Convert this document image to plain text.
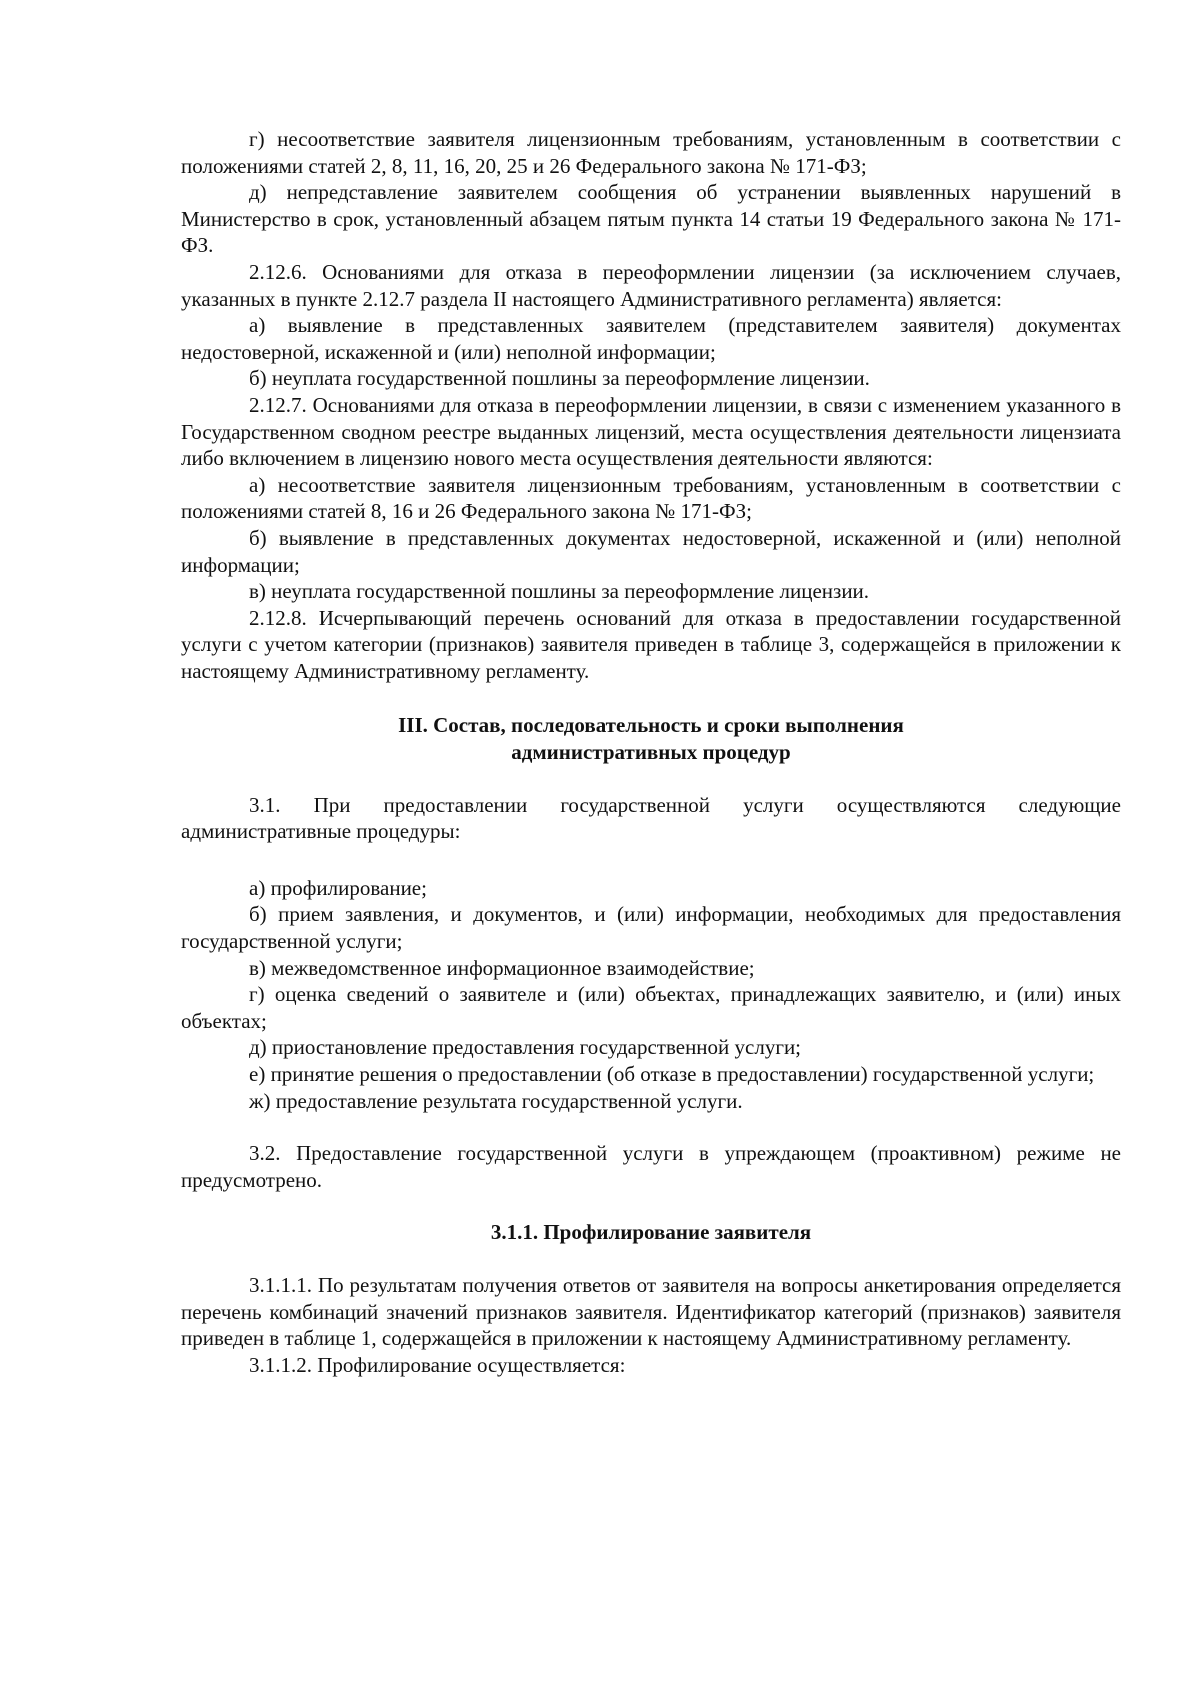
г) несоответствие заявителя лицензионным требованиям, установленным в соответствии с положениями статей 2, 8, 11, 16, 20, 25 и 26 Федерального закона № 171-ФЗ;

д) непредставление заявителем сообщения об устранении выявленных нарушений в Министерство в срок, установленный абзацем пятым пункта 14 статьи 19 Федерального закона № 171-ФЗ.

2.12.6. Основаниями для отказа в переоформлении лицензии (за исключением случаев, указанных в пункте 2.12.7 раздела II настоящего Административного регламента) является:

а) выявление в представленных заявителем (представителем заявителя) документах недостоверной, искаженной и (или) неполной информации;

б) неуплата государственной пошлины за переоформление лицензии.

2.12.7. Основаниями для отказа в переоформлении лицензии, в связи с изменением указанного в Государственном сводном реестре выданных лицензий, места осуществления деятельности лицензиата либо включением в лицензию нового места осуществления деятельности являются:

а) несоответствие заявителя лицензионным требованиям, установленным в соответствии с положениями статей 8, 16 и 26 Федерального закона № 171-ФЗ;

б) выявление в представленных документах недостоверной, искаженной и (или) неполной информации;

в) неуплата государственной пошлины за переоформление лицензии.

2.12.8. Исчерпывающий перечень оснований для отказа в предоставлении государственной услуги с учетом категории (признаков) заявителя приведен в таблице 3, содержащейся в приложении к настоящему Административному регламенту.

III. Состав, последовательность и сроки выполнения

административных процедур

3.1. При предоставлении государственной услуги осуществляются следующие административные процедуры:

а) профилирование;

б) прием заявления, и документов, и (или) информации, необходимых для предоставления государственной услуги;

в) межведомственное информационное взаимодействие;

г) оценка сведений о заявителе и (или) объектах, принадлежащих заявителю, и (или) иных объектах;

д) приостановление предоставления государственной услуги;

е) принятие решения о предоставлении (об отказе в предоставлении) государственной услуги;

ж) предоставление результата государственной услуги.

3.2. Предоставление государственной услуги в упреждающем (проактивном) режиме не предусмотрено.

3.1.1. Профилирование заявителя

3.1.1.1. По результатам получения ответов от заявителя на вопросы анкетирования определяется перечень комбинаций значений признаков заявителя. Идентификатор категорий (признаков) заявителя приведен в таблице 1, содержащейся в приложении к настоящему Административному регламенту.

3.1.1.2. Профилирование осуществляется:
